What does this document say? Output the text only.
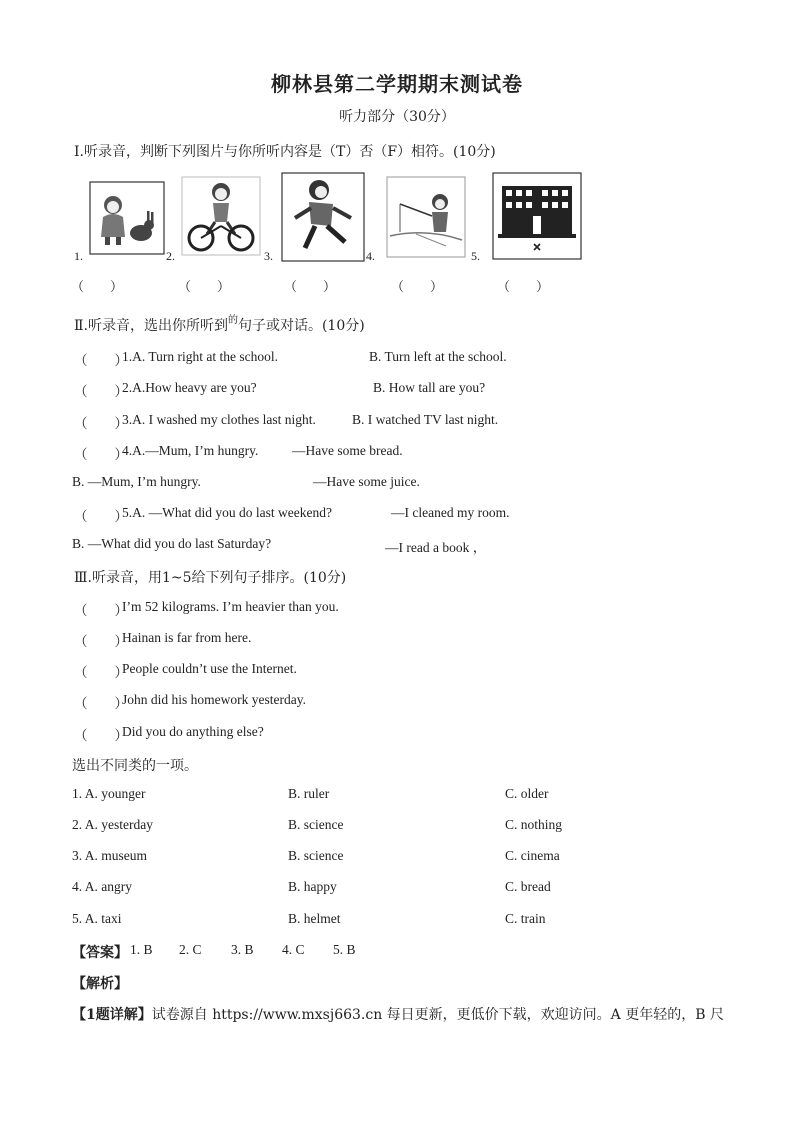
柳林县第二学期期末测试卷
听力部分（30分）
Ⅰ.听录音，判断下列图片与你所听内容是（T）否（F）相符。(10分)
1.	2.	3.	4.	5.
（　　）	（　　）	（　　）	（　　）	（　　）
Ⅱ.听录音，选出你所听到$^的$句子或对话。(10分)
（　　）
1.A. Turn right at the school.	B. Turn left at the school.
（　　）
2.A.How heavy are you?	B. How tall are you?
（　　）
3.A. I washed my clothes last night.	B. I watched TV last night.
（　　）
4.A.—Mum, I’m hungry. —Have some bread.
B. —Mum, I’m hungry.	—Have some juice.
（　　）
5.A. —What did you do last weekend?	—I cleaned my room.
B. —What did you do last Saturday?	—I read a book ，
Ⅲ.听录音，用1~5给下列句子排序。(10分)
（　　）
I’m 52 kilograms. I’m heavier than you.
（　　）
Hainan is far from here.
（　　）
People couldn’t use the Internet.
（　　）
John did his homework yesterday.
（　　）
Did you do anything else?
选出不同类的一项。
1. A. younger	B. ruler	C. older
2. A. yesterday	B. science	C. nothing
3. A. museum	B. science	C. cinema
4. A. angry	B. happy	C. bread
5. A. taxi	B. helmet	C. train
【答案】 1. B 2. C 3. B 4. C 5. B
【解析】
【1题详解】试卷源自 https://www.mxsj663.cn 每日更新，更低价下载，欢迎访问。A 更年轻的，B 尺
